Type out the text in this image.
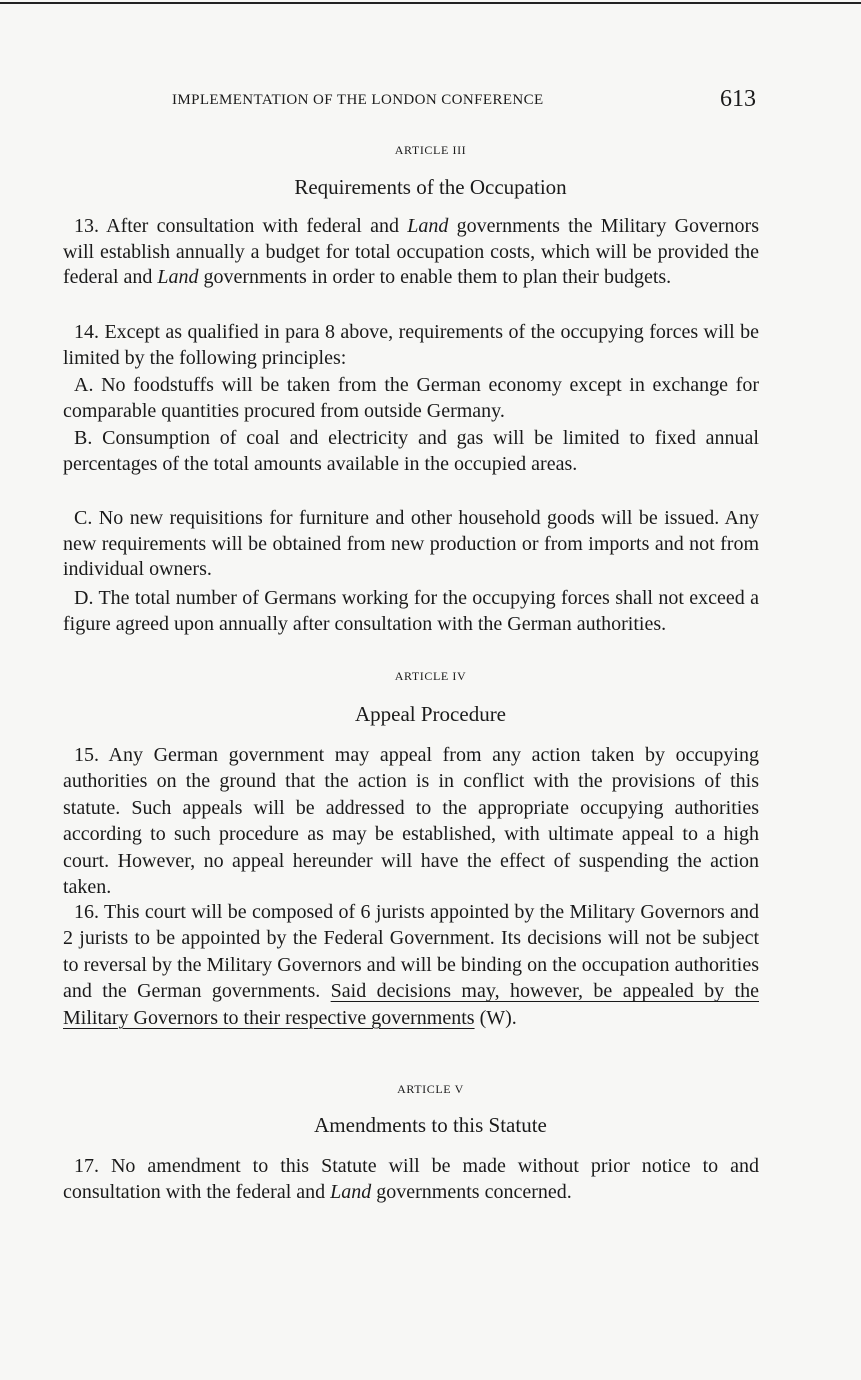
IMPLEMENTATION OF THE LONDON CONFERENCE	613
ARTICLE III
Requirements of the Occupation
13. After consultation with federal and Land governments the Military Governors will establish annually a budget for total occupation costs, which will be provided the federal and Land governments in order to enable them to plan their budgets.
14. Except as qualified in para 8 above, requirements of the occupying forces will be limited by the following principles:
A. No foodstuffs will be taken from the German economy except in exchange for comparable quantities procured from outside Germany.
B. Consumption of coal and electricity and gas will be limited to fixed annual percentages of the total amounts available in the occupied areas.
C. No new requisitions for furniture and other household goods will be issued. Any new requirements will be obtained from new production or from imports and not from individual owners.
D. The total number of Germans working for the occupying forces shall not exceed a figure agreed upon annually after consultation with the German authorities.
ARTICLE IV
Appeal Procedure
15. Any German government may appeal from any action taken by occupying authorities on the ground that the action is in conflict with the provisions of this statute. Such appeals will be addressed to the appropriate occupying authorities according to such procedure as may be established, with ultimate appeal to a high court. However, no appeal hereunder will have the effect of suspending the action taken.
16. This court will be composed of 6 jurists appointed by the Military Governors and 2 jurists to be appointed by the Federal Government. Its decisions will not be subject to reversal by the Military Governors and will be binding on the occupation authorities and the German governments. Said decisions may, however, be appealed by the Military Governors to their respective governments (W).
ARTICLE V
Amendments to this Statute
17. No amendment to this Statute will be made without prior notice to and consultation with the federal and Land governments concerned.
